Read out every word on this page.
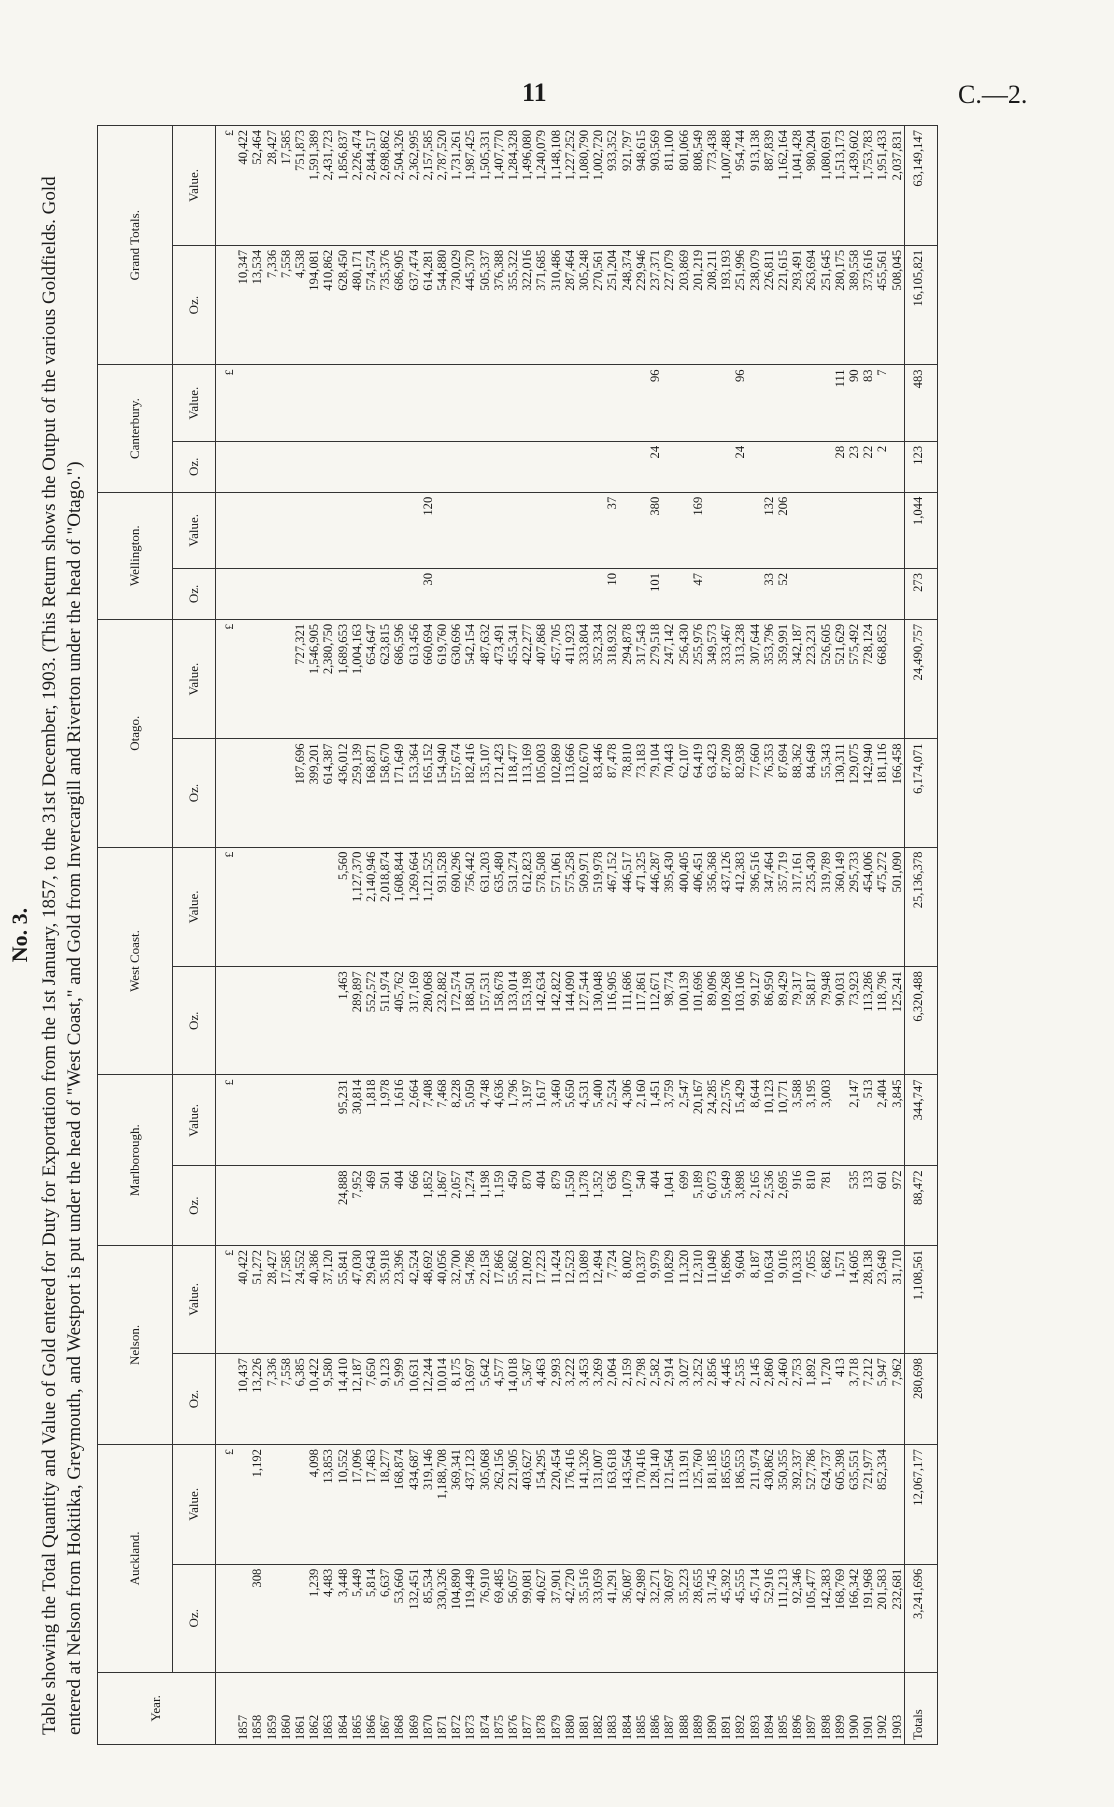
11	C.—2.
No. 3. Table showing the Total Quantity and Value of Gold entered for Duty for Exportation from the 1st January, 1857, to the 31st December, 1903. (This Return shows the Output of the various Goldfields. Gold entered at Nelson from Hokitika, Greymouth, and Westport is put under the head of "West Coast," and Gold from Invercargill and Riverton under the head of "Otago.")	Year.	Auckland.		Nelson.		Marlborough.		West Coast.		Otago.		Wellington.		Canterbury.		Grand Totals.	
	Oz.	Value.	Oz.	Value.	Oz.	Value.	Oz.	Value.	Oz.	Value.	Oz.	Value.	Oz.	Value.	Oz.	Value.
		£		£		£		£		£				£		£
1857			10,437	40,422											10,347	40,422
1858	308	1,192	13,226	51,272											13,534	52,464
1859			7,336	28,427											7,336	28,427
1860			7,558	17,585											7,558	17,585
1861			6,385	24,552					187,696	727,321					4,538	751,873
1862	1,239	4,098	10,422	40,386					399,201	1,546,905					194,081	1,591,389
1863	4,483	13,853	9,580	37,120					614,387	2,380,750					410,862	2,431,723
1864	3,448	10,552	14,410	55,841	24,888	95,231	1,463	5,560	436,012	1,689,653					628,450	1,856,837
1865	5,449	17,096	12,187	47,030	7,952	30,814	289,897	1,127,370	259,139	1,004,163					480,171	2,226,474
1866	5,814	17,463	7,650	29,643	469	1,818	552,572	2,140,946	168,871	654,647					574,574	2,844,517
1867	6,637	18,277	9,123	35,918	501	1,978	511,974	2,018,874	158,670	623,815					735,376	2,698,862
1868	53,660	168,874	5,999	23,396	404	1,616	405,762	1,608,844	171,649	686,596					686,905	2,504,326
1869	132,451	434,687	10,631	42,524	666	2,664	317,169	1,269,664	153,364	613,456					637,474	2,362,995
1870	85,534	319,146	12,244	48,692	1,852	7,408	280,068	1,121,525	165,152	660,694	30	120			614,281	2,157,585
1871	330,326	1,188,708	10,014	40,056	1,867	7,468	232,882	931,528	154,940	619,760					544,880	2,787,520
1872	104,890	369,341	8,175	32,700	2,057	8,228	172,574	690,296	157,674	630,696					730,029	1,731,261
1873	119,449	437,123	13,697	54,786	1,274	5,050	188,501	756,442	182,416	542,154					445,370	1,987,425
1874	76,910	305,068	5,642	22,158	1,198	4,748	157,531	631,203	135,107	487,632					505,337	1,505,331
1875	69,485	262,156	4,577	17,866	1,159	4,636	158,678	635,480	121,423	473,491					376,388	1,407,770
1876	56,057	221,905	14,018	55,862	450	1,796	133,014	531,274	118,477	455,341					355,322	1,284,328
1877	99,081	403,627	5,367	21,092	870	3,197	153,198	612,823	113,169	422,277					322,016	1,496,080
1878	40,627	154,295	4,463	17,223	404	1,617	142,634	578,508	105,003	407,868					371,685	1,240,079
1879	37,901	220,454	2,993	11,424	879	3,460	142,822	571,061	102,869	457,705					310,486	1,148,108
1880	42,720	176,416	3,222	12,523	1,550	5,650	144,090	575,258	113,666	411,923					287,464	1,227,252
1881	35,516	141,326	3,453	13,089	1,378	4,531	127,544	509,971	102,670	333,804					305,248	1,080,790
1882	33,059	131,007	3,269	12,494	1,352	5,400	130,048	519,978	83,446	352,334					270,561	1,002,720
1883	41,291	163,618	2,064	7,724	636	2,524	116,905	467,152	87,478	318,932	10	37			251,204	933,352
1884	36,087	143,564	2,159	8,002	1,079	4,306	111,686	446,517	78,810	294,878					248,374	921,797
1885	42,989	170,416	2,798	10,337	540	2,160	117,861	471,325	73,183	317,543					229,946	948,615
1886	32,271	128,140	2,582	9,979	404	1,451	112,671	446,287	79,104	279,518	101	380	24	96	237,371	903,569
1887	30,697	121,564	2,914	10,829	1,041	3,759	98,774	395,430	70,443	247,142					227,079	811,100
1888	35,223	113,191	3,027	11,320	699	2,547	100,139	400,405	62,107	256,430					203,869	801,066
1889	28,655	125,760	3,252	12,310	5,189	20,167	101,696	406,451	64,419	255,976	47	169			201,219	808,549
1890	31,745	181,185	2,856	11,049	6,073	24,285	89,096	356,368	63,423	349,573					208,211	773,438
1891	45,392	185,655	4,445	16,896	5,649	22,576	109,268	437,126	87,209	333,467					193,193	1,007,488
1892	45,555	186,553	2,535	9,604	3,898	15,429	103,106	412,383	82,938	313,238			24	96	251,996	954,744
1893	45,714	211,974	2,145	8,187	2,165	8,644	99,127	396,516	77,660	307,644					238,079	913,138
1894	52,916	430,862	2,860	10,634	2,536	10,123	86,950	347,464	76,353	353,796	33	132			226,811	887,839
1895	111,213	350,355	2,460	9,016	2,695	10,771	89,429	357,719	87,694	359,991	52	206			221,615	1,162,164
1896	92,346	392,337	2,753	10,333	916	3,588	79,317	317,161	88,362	342,187					293,491	1,041,428
1897	105,477	527,786	1,892	7,055	810	3,195	58,817	235,430	84,649	223,231					263,694	980,204
1898	142,383	624,737	1,720	6,882	781	3,003	79,948	319,789	55,343	526,605					251,645	1,080,691
1899	168,769	605,398	413	1,571			90,031	360,149	130,311	521,629			28	111	280,175	1,513,173
1900	166,342	635,551	3,718	14,605	535	2,147	73,923	295,733	129,075	575,492			23	90	389,558	1,439,602
1901	191,968	721,977	7,212	28,138	133	513	113,286	454,006	142,940	728,124			22	83	373,616	1,753,783
1902	201,583	852,334	5,947	23,649	601	2,404	118,796	475,272	181,116	668,852			2	7	455,561	1,951,433
1903	232,681		7,962	31,710	972	3,845	125,241	501,090	166,458						508,045	2,037,831
Totals	3,241,696	12,067,177	280,698	1,108,561	88,472	344,747	6,320,488	25,136,378	6,174,071	24,490,757	273	1,044	123	483	16,105,821	63,149,147
